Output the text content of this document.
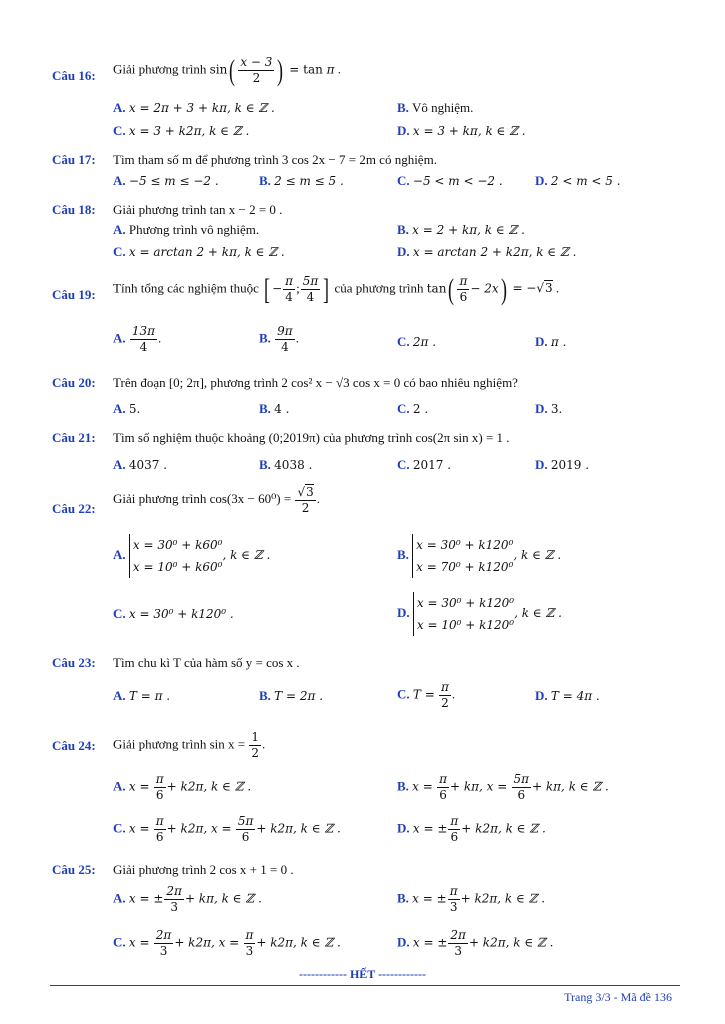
Câu 16: Giải phương trình $\sin( \frac{x - 3}{2}$ ) = tan π .
A. x = 2π + 3 + kπ, k ∈ ℤ .	B. Vô nghiệm.
C. x = 3 + k2π, k ∈ ℤ .	D. x = 3 + kπ, k ∈ ℤ .
Câu 17: Tìm tham số m để phương trình 3 cos 2x − 7 = 2m có nghiệm.
A. −5 ≤ m ≤ −2 .	B. 2 ≤ m ≤ 5 .	C. −5 < m < −2 . D. 2 < m < 5 .
Câu 18: Giải phương trình tan x − 2 = 0 .
A. Phương trình vô nghiệm.	B. x = 2 + kπ, k ∈ ℤ .
C. x = arctan 2 + kπ, k ∈ ℤ .	D. x = arctan 2 + k2π, k ∈ ℤ .
Câu 19: Tính tổng các nghiệm thuộc [ − $\frac{\pi}{4}$ ; $\frac{5\pi}{4}$ ] của phương trình $\tan( \frac{\pi}{6} - 2x) = -√3$ .
A. $\frac{13\pi}{4}$ .	B. $\frac{9\pi}{4}$ .	C. 2π .	D. π .
Câu 20: Trên đoạn [0; 2π], phương trình 2 cos² x − √3 cos x = 0 có bao nhiêu nghiệm?
A. 5.	B. 4 .	C. 2 .	D. 3.
Câu 21: Tìm số nghiệm thuộc khoảng (0;2019π) của phương trình cos(2π sin x) = 1 .
A. 4037 .	B. 4038 .	C. 2017 .	D. 2019 .
Câu 22:
Giải phương trình $\cos(3x - 60^0) = \frac{√3}{2}$ .
A.
x = 30⁰ + k60⁰
x = 10⁰ + k60⁰
, k ∈ ℤ .	B.
x = 30⁰ + k120⁰
x = 70⁰ + k120⁰
, k ∈ ℤ .
C. x = 30⁰ + k120⁰ .	D.
x = 30⁰ + k120⁰
x = 10⁰ + k120⁰
, k ∈ ℤ .
Câu 23: Tìm chu kì T của hàm số y = cos x .
A. T = π .	B. T = 2π .	C. $T = \frac{\pi}{2}$ .	D. T = 4π .
Câu 24: Giải phương trình $\sin x = \frac{1}{2}$ .
A. $x = \frac{\pi}{6} + k2\pi$, k ∈ ℤ .	B. $x = \frac{\pi}{6} + k\pi$, $x = \frac{5\pi}{6} + k\pi$, k ∈ ℤ .
C. $x = \frac{\pi}{6} + k2\pi$, $x = \frac{5\pi}{6} + k2\pi$, k ∈ ℤ .	D. x = ± $\frac{\pi}{6} + k2\pi$, k ∈ ℤ .
Câu 25: Giải phương trình 2 cos x + 1 = 0 .
A. x = ± $\frac{2\pi}{3} + k\pi$, k ∈ ℤ .	B. x = ± $\frac{\pi}{3} + k2\pi$, k ∈ ℤ .
C. $x = \frac{2\pi}{3} + k2\pi$, $x = \frac{\pi}{3} + k2\pi$, k ∈ ℤ .	D. x = ± $\frac{2\pi}{3} + k2\pi$, k ∈ ℤ .
------------ HẾT ------------
Trang 3/3 - Mã đề 136
